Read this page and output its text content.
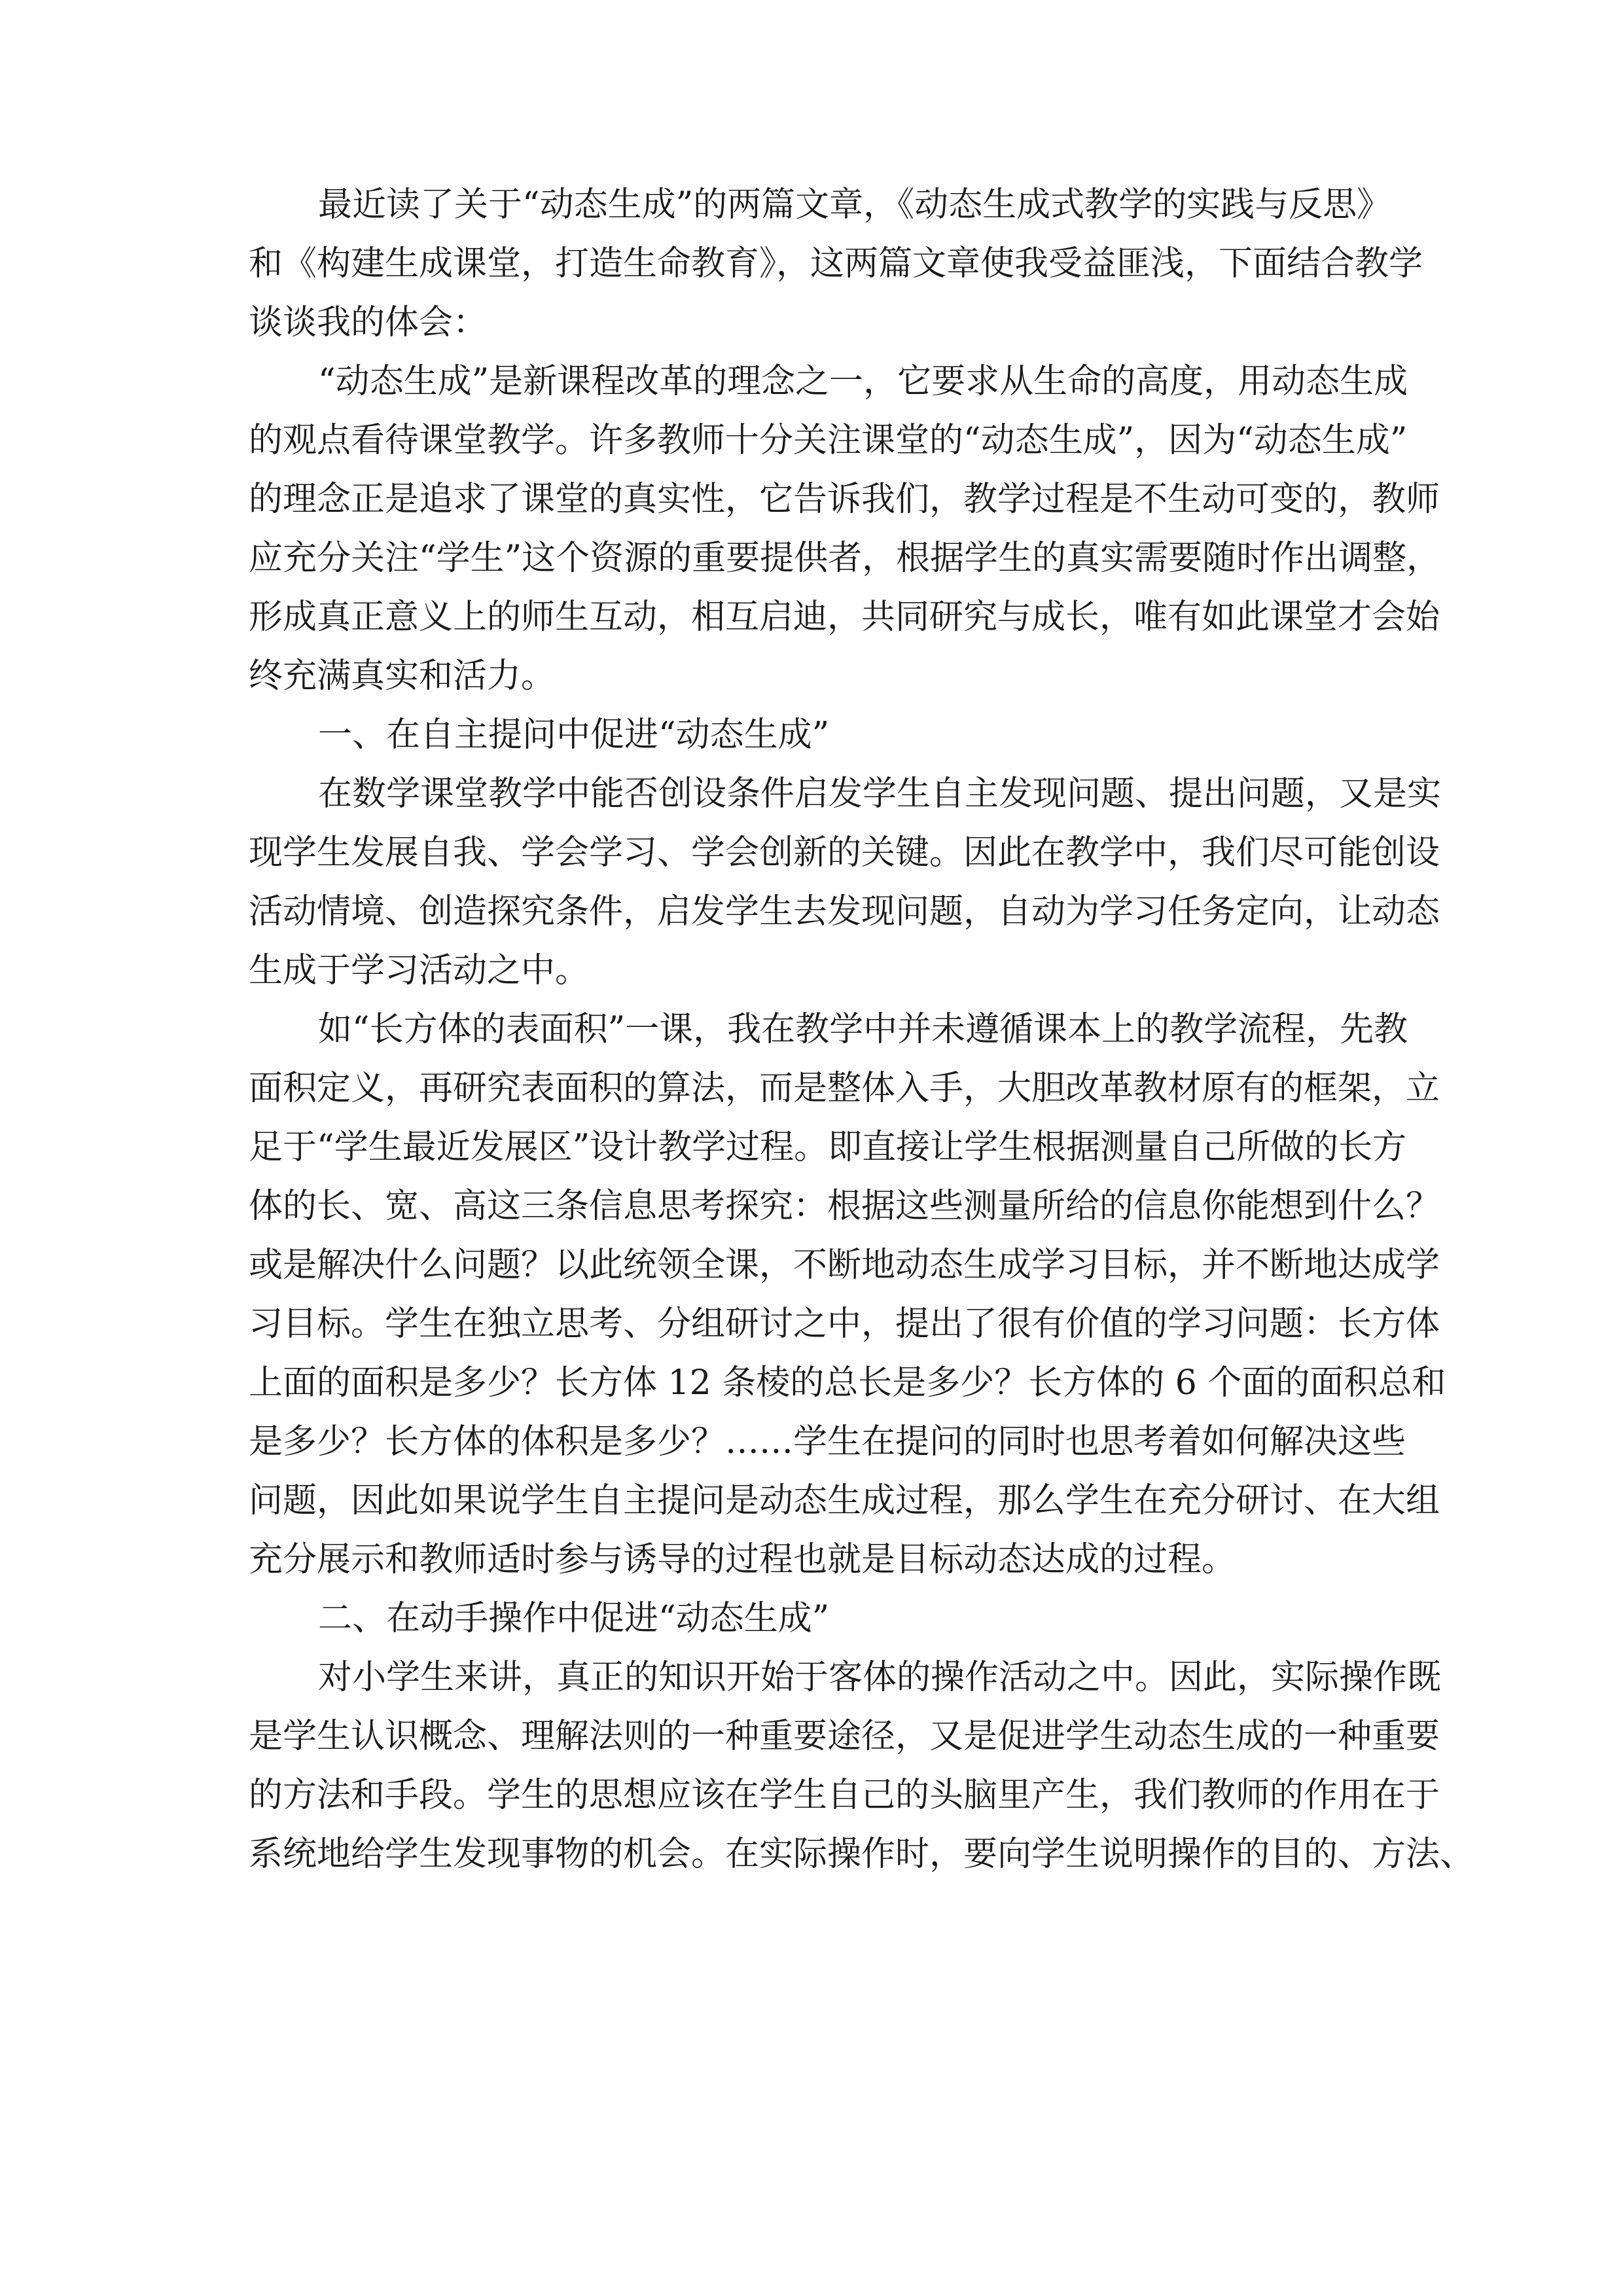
最近读了关于“动态生成”的两篇文章，《动态生成式教学的实践与反思》
和《构建生成课堂，打造生命教育》，这两篇文章使我受益匪浅，下面结合教学
谈谈我的体会：
“动态生成”是新课程改革的理念之一，它要求从生命的高度，用动态生成
的观点看待课堂教学。许多教师十分关注课堂的“动态生成”，因为“动态生成”
的理念正是追求了课堂的真实性，它告诉我们，教学过程是不生动可变的，教师
应充分关注“学生”这个资源的重要提供者，根据学生的真实需要随时作出调整，
形成真正意义上的师生互动，相互启迪，共同研究与成长，唯有如此课堂才会始
终充满真实和活力。
一、在自主提问中促进“动态生成”
在数学课堂教学中能否创设条件启发学生自主发现问题、提出问题，又是实
现学生发展自我、学会学习、学会创新的关键。因此在教学中，我们尽可能创设
活动情境、创造探究条件，启发学生去发现问题，自动为学习任务定向，让动态
生成于学习活动之中。
如“长方体的表面积”一课，我在教学中并未遵循课本上的教学流程，先教
面积定义，再研究表面积的算法，而是整体入手，大胆改革教材原有的框架，立
足于“学生最近发展区”设计教学过程。即直接让学生根据测量自己所做的长方
体的长、宽、高这三条信息思考探究：根据这些测量所给的信息你能想到什么？
或是解决什么问题？以此统领全课，不断地动态生成学习目标，并不断地达成学
习目标。学生在独立思考、分组研讨之中，提出了很有价值的学习问题：长方体
上面的面积是多少？长方体 12 条棱的总长是多少？长方体的 6 个面的面积总和
是多少？长方体的体积是多少？……学生在提问的同时也思考着如何解决这些
问题，因此如果说学生自主提问是动态生成过程，那么学生在充分研讨、在大组
充分展示和教师适时参与诱导的过程也就是目标动态达成的过程。
二、在动手操作中促进“动态生成”
对小学生来讲，真正的知识开始于客体的操作活动之中。因此，实际操作既
是学生认识概念、理解法则的一种重要途径，又是促进学生动态生成的一种重要
的方法和手段。学生的思想应该在学生自己的头脑里产生，我们教师的作用在于
系统地给学生发现事物的机会。在实际操作时，要向学生说明操作的目的、方法、
